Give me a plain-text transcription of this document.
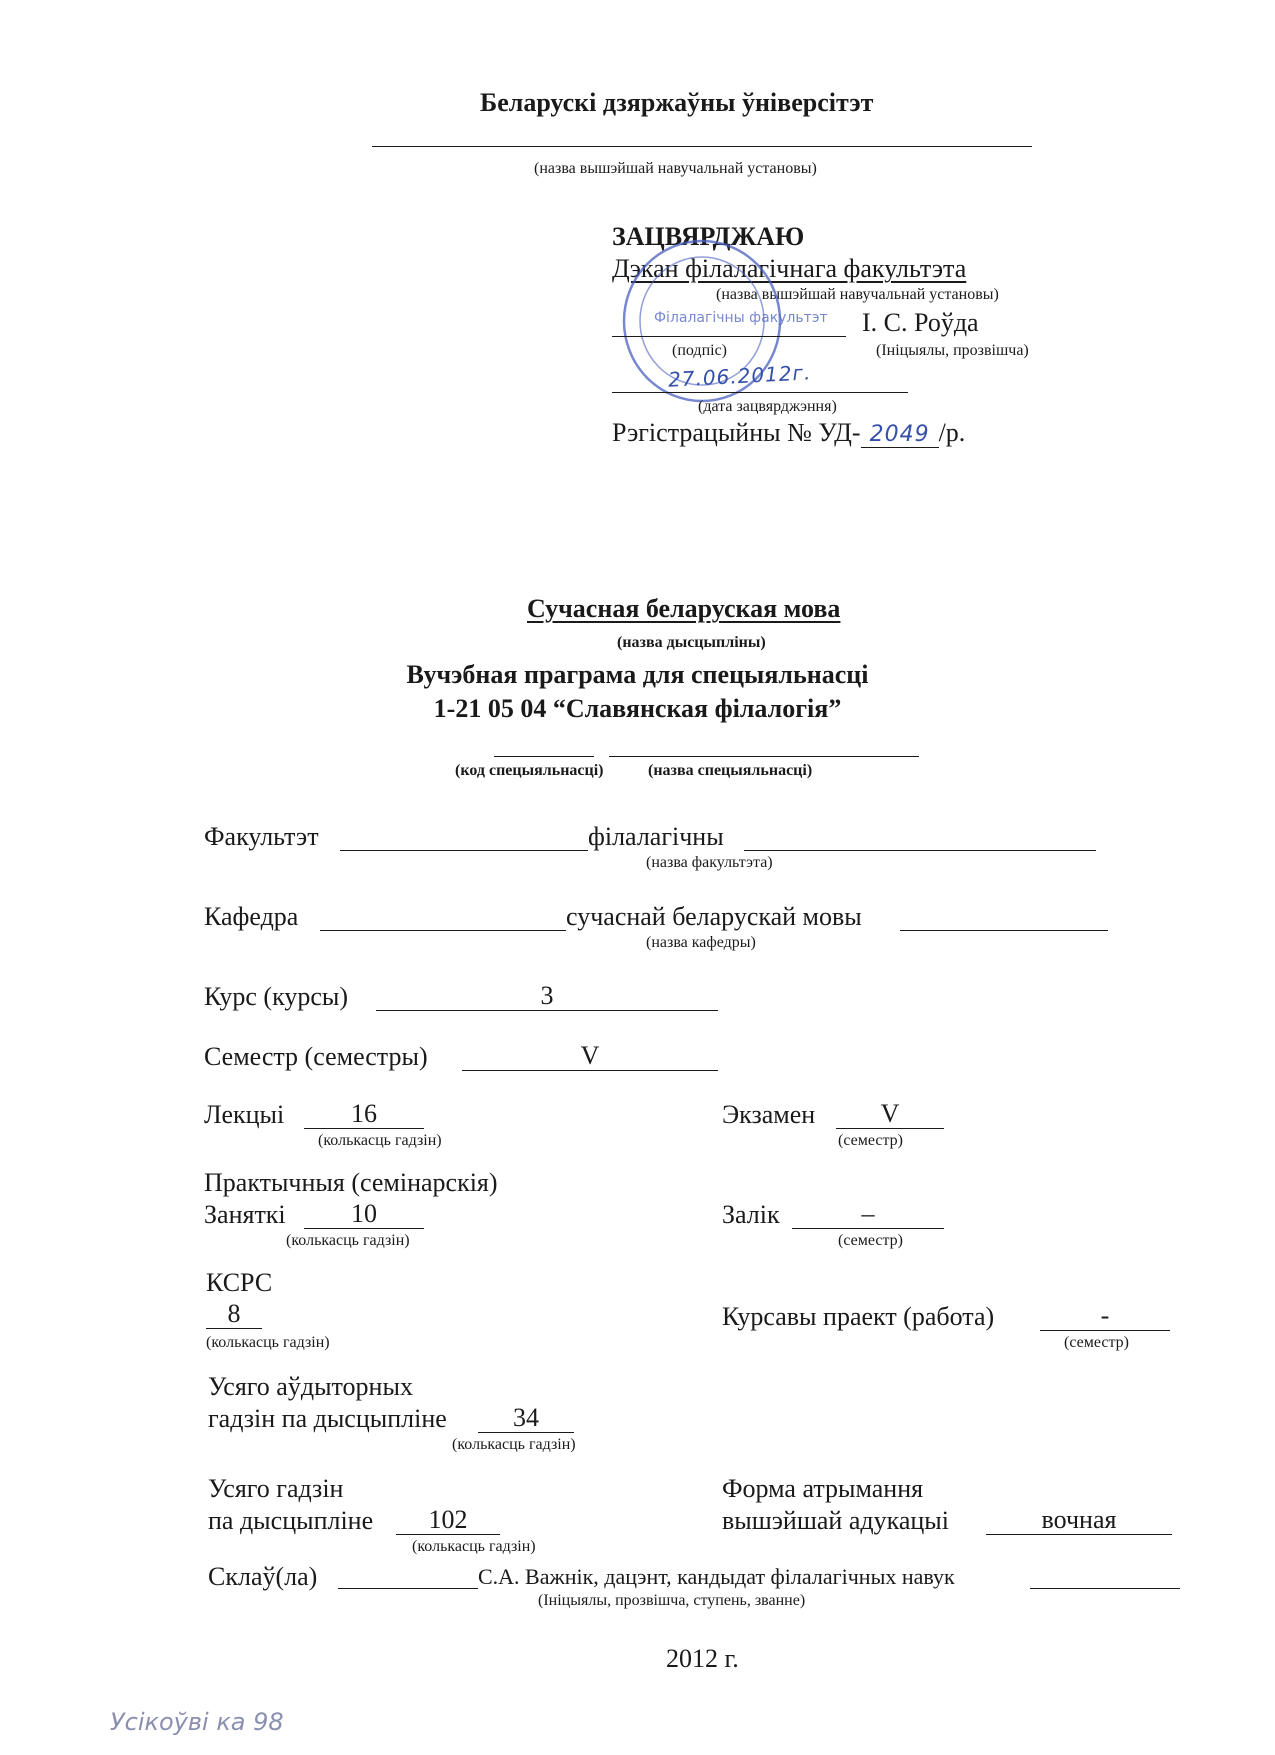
Беларускі дзяржаўны ўніверсітэт
(назва вышэйшай навучальнай установы)
ЗАЦВЯРДЖАЮ
Дэкан філалагічнага факультэта
(назва вышэйшай навучальнай установы)
Філалагічны факультэт І. С. Роўда
(подпіс)	(Ініцыялы, прозвішча)
27.06.2012г.
(дата зацвярджэння)
Рэгістрацыйны № УД- 2049 /р.
Сучасная беларуская мова
(назва дысцыпліны)
Вучэбная праграма для спецыяльнасці
1-21 05 04 “Славянская філалогія”
(код спецыяльнасці)	(назва спецыяльнасці)
Факультэт	філалагічны
(назва факультэта)
Кафедра	сучаснай беларускай мовы
(назва кафедры)
Курс (курсы)	3
Семестр (семестры)	V
Лекцыі	16
(колькасць гадзін)
Экзамен	V
(семестр)
Практычныя (семінарскія)
Заняткі	10
(колькасць гадзін)
Залік	–
(семестр)
КСРС
8
(колькасць гадзін)
Курсавы праект (работа)	-
(семестр)
Усяго аўдыторных
гадзін па дысцыпліне	34
(колькасць гадзін)
Усяго гадзін
па дысцыпліне	102
(колькасць гадзін)
Форма атрымання
вышэйшай адукацыі	вочная
Склаў(ла)	С.А. Важнік, дацэнт, кандыдат філалагічных навук
(Ініцыялы, прозвішча, ступень, званне)
2012 г.
Усікоўві ка 98
